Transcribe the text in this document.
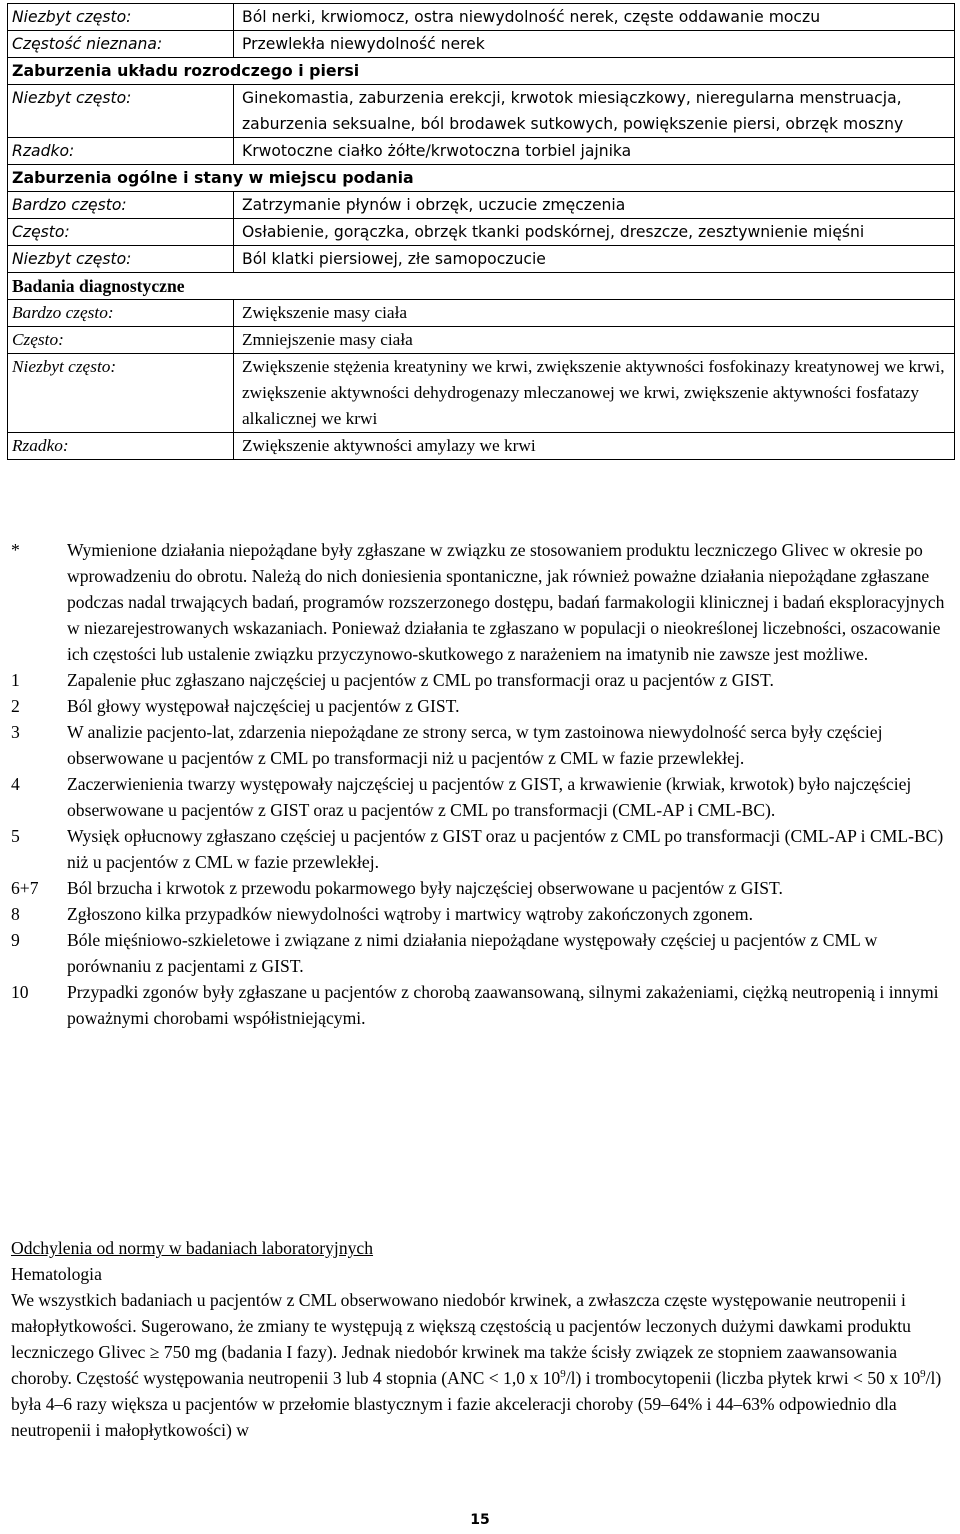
Niezbyt często:	Ból nerki, krwiomocz, ostra niewydolność nerek, częste oddawanie moczu
Częstość nieznana:	Przewlekła niewydolność nerek
Zaburzenia układu rozrodczego i piersi	
Niezbyt często:	Ginekomastia, zaburzenia erekcji, krwotok miesiączkowy, nieregularna menstruacja, zaburzenia seksualne, ból brodawek sutkowych, powiększenie piersi, obrzęk moszny
Rzadko:	Krwotoczne ciałko żółte/krwotoczna torbiel jajnika
Zaburzenia ogólne i stany w miejscu podania	
Bardzo często:	Zatrzymanie płynów i obrzęk, uczucie zmęczenia
Często:	Osłabienie, gorączka, obrzęk tkanki podskórnej, dreszcze, zesztywnienie mięśni
Niezbyt często:	Ból klatki piersiowej, złe samopoczucie
Badania diagnostyczne	
Bardzo często:	Zwiększenie masy ciała
Często:	Zmniejszenie masy ciała
Niezbyt często:	Zwiększenie stężenia kreatyniny we krwi, zwiększenie aktywności fosfokinazy kreatynowej we krwi, zwiększenie aktywności dehydrogenazy mleczanowej we krwi, zwiększenie aktywności fosfatazy alkalicznej we krwi
Rzadko:	Zwiększenie aktywności amylazy we krwi
*	Wymienione działania niepożądane były zgłaszane w związku ze stosowaniem produktu leczniczego Glivec w okresie po wprowadzeniu do obrotu. Należą do nich doniesienia spontaniczne, jak również poważne działania niepożądane zgłaszane podczas nadal trwających badań, programów rozszerzonego dostępu, badań farmakologii klinicznej i badań eksploracyjnych w niezarejestrowanych wskazaniach. Ponieważ działania te zgłaszano w populacji o nieokreślonej liczebności, oszacowanie ich częstości lub ustalenie związku przyczynowo-skutkowego z narażeniem na imatynib nie zawsze jest możliwe.
1	Zapalenie płuc zgłaszano najczęściej u pacjentów z CML po transformacji oraz u pacjentów z GIST.
2	Ból głowy występował najczęściej u pacjentów z GIST.
3	W analizie pacjento-lat, zdarzenia niepożądane ze strony serca, w tym zastoinowa niewydolność serca były częściej obserwowane u pacjentów z CML po transformacji niż u pacjentów z CML w fazie przewlekłej.
4	Zaczerwienienia twarzy występowały najczęściej u pacjentów z GIST, a krwawienie (krwiak, krwotok) było najczęściej obserwowane u pacjentów z GIST oraz u pacjentów z CML po transformacji (CML-AP i CML-BC).
5	Wysięk opłucnowy zgłaszano częściej u pacjentów z GIST oraz u pacjentów z CML po transformacji (CML-AP i CML-BC) niż u pacjentów z CML w fazie przewlekłej.
6+7	Ból brzucha i krwotok z przewodu pokarmowego były najczęściej obserwowane u pacjentów z GIST.
8	Zgłoszono kilka przypadków niewydolności wątroby i martwicy wątroby zakończonych zgonem.
9	Bóle mięśniowo-szkieletowe i związane z nimi działania niepożądane występowały częściej u pacjentów z CML w porównaniu z pacjentami z GIST.
10	Przypadki zgonów były zgłaszane u pacjentów z chorobą zaawansowaną, silnymi zakażeniami, ciężką neutropenią i innymi poważnymi chorobami współistniejącymi.
Odchylenia od normy w badaniach laboratoryjnych
Hematologia
We wszystkich badaniach u pacjentów z CML obserwowano niedobór krwinek, a zwłaszcza częste występowanie neutropenii i małopłytkowości. Sugerowano, że zmiany te występują z większą częstością u pacjentów leczonych dużymi dawkami produktu leczniczego Glivec ≥ 750 mg (badania I fazy). Jednak niedobór krwinek ma także ścisły związek ze stopniem zaawansowania choroby. Częstość występowania neutropenii 3 lub 4 stopnia (ANC < 1,0 x $10^9/l$) i trombocytopenii (liczba płytek krwi < 50 x $10^9/l$) była 4–6 razy większa u pacjentów w przełomie blastycznym i fazie akceleracji choroby (59–64% i 44–63% odpowiednio dla neutropenii i małopłytkowości) w
15
